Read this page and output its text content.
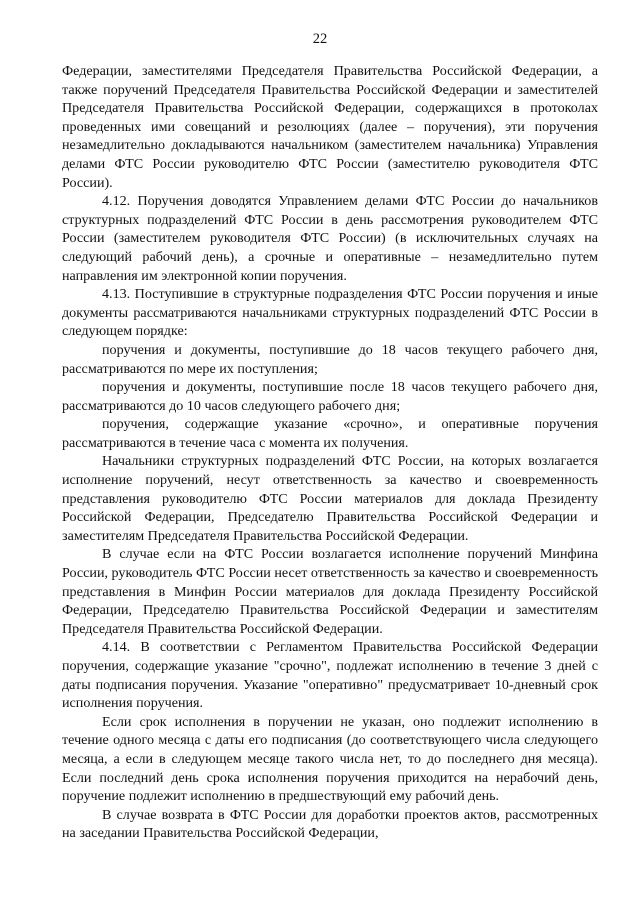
22

Федерации, заместителями Председателя Правительства Российской Федерации, а также поручений Председателя Правительства Российской Федерации и заместителей Председателя Правительства Российской Федерации, содержащихся в протоколах проведенных ими совещаний и резолюциях (далее – поручения), эти поручения незамедлительно докладываются начальником (заместителем начальника) Управления делами ФТС России руководителю ФТС России (заместителю руководителя ФТС России).

4.12. Поручения доводятся Управлением делами ФТС России до начальников структурных подразделений ФТС России в день рассмотрения руководителем ФТС России (заместителем руководителя ФТС России) (в исключительных случаях на следующий рабочий день), а срочные и оперативные – незамедлительно путем направления им электронной копии поручения.

4.13. Поступившие в структурные подразделения ФТС России поручения и иные документы рассматриваются начальниками структурных подразделений ФТС России в следующем порядке:

поручения и документы, поступившие до 18 часов текущего рабочего дня, рассматриваются по мере их поступления;

поручения и документы, поступившие после 18 часов текущего рабочего дня, рассматриваются до 10 часов следующего рабочего дня;

поручения, содержащие указание «срочно», и оперативные поручения рассматриваются в течение часа с момента их получения.

Начальники структурных подразделений ФТС России, на которых возлагается исполнение поручений, несут ответственность за качество и своевременность представления руководителю ФТС России материалов для доклада Президенту Российской Федерации, Председателю Правительства Российской Федерации и заместителям Председателя Правительства Российской Федерации.

В случае если на ФТС России возлагается исполнение поручений Минфина России, руководитель ФТС России несет ответственность за качество и своевременность представления в Минфин России материалов для доклада Президенту Российской Федерации, Председателю Правительства Российской Федерации и заместителям Председателя Правительства Российской Федерации.

4.14. В соответствии с Регламентом Правительства Российской Федерации поручения, содержащие указание "срочно", подлежат исполнению в течение 3 дней с даты подписания поручения. Указание "оперативно" предусматривает 10-дневный срок исполнения поручения.

Если срок исполнения в поручении не указан, оно подлежит исполнению в течение одного месяца с даты его подписания (до соответствующего числа следующего месяца, а если в следующем месяце такого числа нет, то до последнего дня месяца). Если последний день срока исполнения поручения приходится на нерабочий день, поручение подлежит исполнению в предшествующий ему рабочий день.

В случае возврата в ФТС России для доработки проектов актов, рассмотренных на заседании Правительства Российской Федерации,
